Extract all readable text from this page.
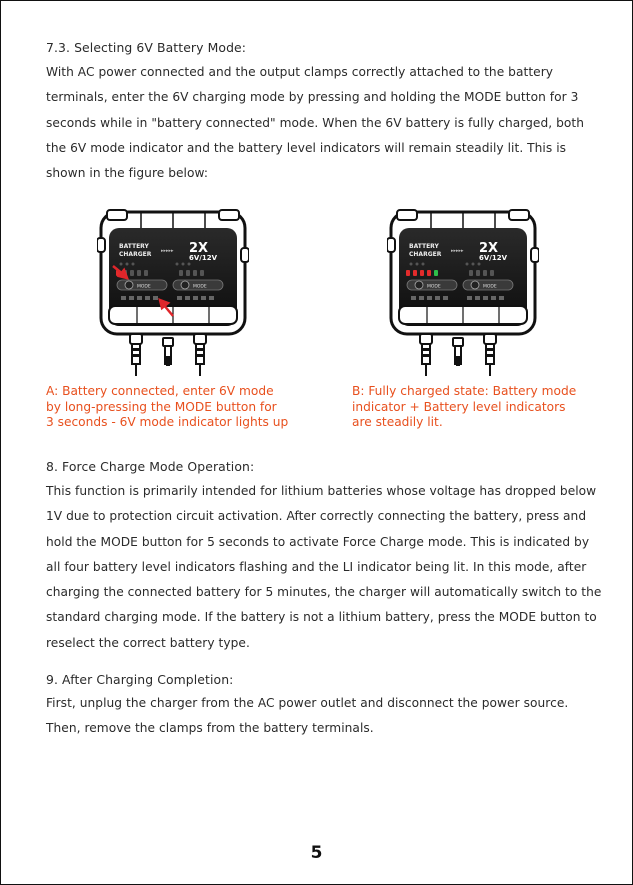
7.3. Selecting 6V Battery Mode:
With AC power connected and the output clamps correctly attached to the battery terminals, enter the 6V charging mode by pressing and holding the MODE button for 3 seconds while in "battery connected" mode. When the 6V battery is fully charged, both the 6V mode indicator and the battery level indicators will remain steadily lit. This is shown in the figure below:
BATTERY
CHARGER ▸▸▸▸▸ 2X
6V/12V
MODE	MODE
BATTERY
CHARGER ▸▸▸▸▸ 2X
6V/12V
MODE	MODE
A: Battery connected, enter 6V mode
by long-pressing the MODE button for
3 seconds - 6V mode indicator lights up
B: Fully charged state: Battery mode
indicator + Battery level indicators
are steadily lit.
8. Force Charge Mode Operation:
This function is primarily intended for lithium batteries whose voltage has dropped below 1V due to protection circuit activation. After correctly connecting the battery, press and hold the MODE button for 5 seconds to activate Force Charge mode. This is indicated by all four battery level indicators flashing and the LI indicator being lit. In this mode, after charging the connected battery for 5 minutes, the charger will automatically switch to the standard charging mode. If the battery is not a lithium battery, press the MODE button to reselect the correct battery type.
9. After Charging Completion:
First, unplug the charger from the AC power outlet and disconnect the power source. Then, remove the clamps from the battery terminals.
5
